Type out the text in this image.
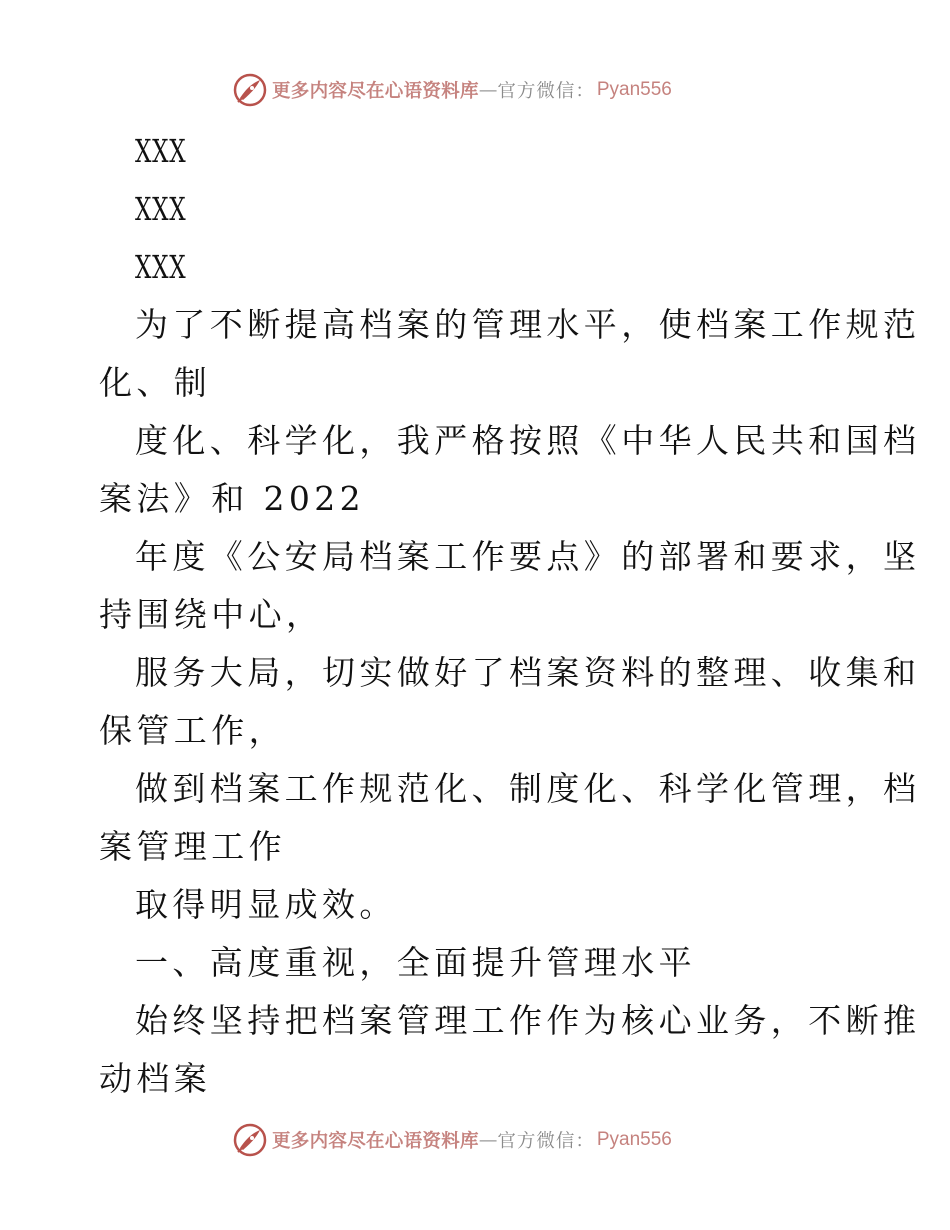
更多内容尽在心语资料库 — 官方微信： Pyan556
XXX
XXX
XXX
为了不断提高档案的管理水平，使档案工作规范
化、制
度化、科学化，我严格按照《中华人民共和国档
案法》和 2022
年度《公安局档案工作要点》的部署和要求，坚
持围绕中心，
服务大局，切实做好了档案资料的整理、收集和
保管工作，
做到档案工作规范化、制度化、科学化管理，档
案管理工作
取得明显成效。
一、高度重视，全面提升管理水平
始终坚持把档案管理工作作为核心业务，不断推
动档案
更多内容尽在心语资料库 — 官方微信： Pyan556
